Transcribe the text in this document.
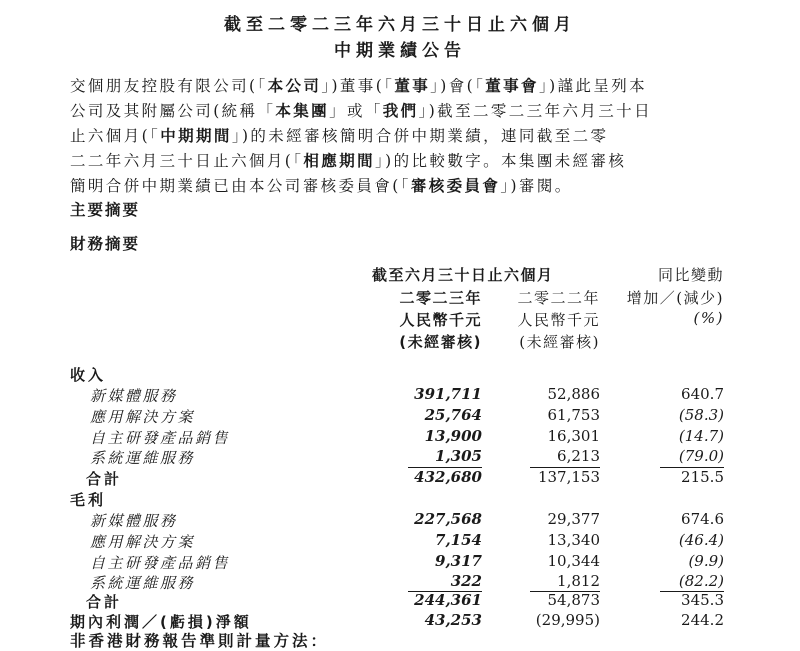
截至二零二三年六月三十日止六個月
中期業績公告
交個朋友控股有限公司(「本公司」)董事(「董事」)會(「董事會」)謹此呈列本
公司及其附屬公司(統稱「本集團」或「我們」)截至二零二三年六月三十日
止六個月(「中期期間」)的未經審核簡明合併中期業績，連同截至二零
二二年六月三十日止六個月(「相應期間」)的比較數字。本集團未經審核
簡明合併中期業績已由本公司審核委員會(「審核委員會」)審閱。
主要摘要
財務摘要
截至六月三十日止六個月	同比變動
二零二三年	二零二二年	增加／(減少)
人民幣千元	人民幣千元	(%)
(未經審核)	(未經審核)
收入
新媒體服務	391,711	52,886	640.7
應用解決方案	25,764	61,753	(58.3)
自主研發產品銷售	13,900	16,301	(14.7)
系統運維服務	1,305	6,213	(79.0)
合計	432,680	137,153	215.5
毛利
新媒體服務	227,568	29,377	674.6
應用解決方案	7,154	13,340	(46.4)
自主研發產品銷售	9,317	10,344	(9.9)
系統運維服務	322	1,812	(82.2)
合計	244,361	54,873	345.3
期內利潤／(虧損)淨額	43,253	(29,995)	244.2
非香港財務報告準則計量方法：
